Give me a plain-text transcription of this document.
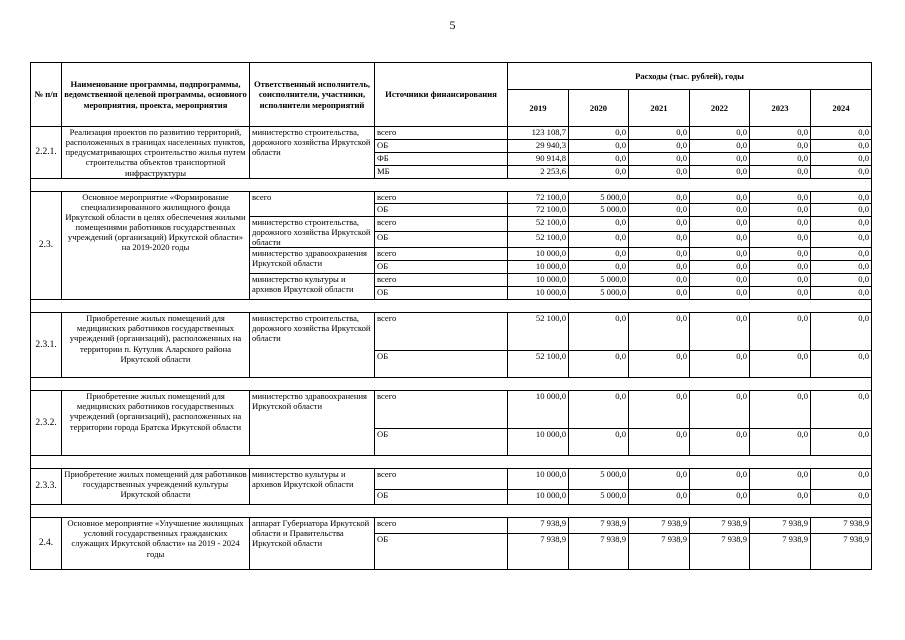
5
№ п/п	Наименование программы, подпрограммы, ведомственной целевой программы, основного мероприятия, проекта, мероприятия	Ответственный исполнитель, соисполнители, участники, исполнители мероприятий	Источники финансирования	Расходы (тыс. рублей), годы					
				2019	2020	2021	2022	2023	2024
2.2.1.	Реализация проектов по развитию территорий, расположенных в границах населенных пунктов, предусматривающих строительство жилья путем строительства объектов транспортной инфраструктуры	министерство строительства, дорожного хозяйства Иркутской области	всего	123 108,7	0,0	0,0	0,0	0,0	0,0
			ОБ	29 940,3	0,0	0,0	0,0	0,0	0,0
			ФБ	90 914,8	0,0	0,0	0,0	0,0	0,0
			МБ	2 253,6	0,0	0,0	0,0	0,0	0,0

2.3.	Основное мероприятие «Формирование специализированного жилищного фонда Иркутской области в целях обеспечения жилыми помещениями работников государственных учреждений (организаций) Иркутской области» на 2019-2020 годы	всего	всего	72 100,0	5 000,0	0,0	0,0	0,0	0,0
			ОБ	72 100,0	5 000,0	0,0	0,0	0,0	0,0
		министерство строительства, дорожного хозяйства Иркутской области	всего	52 100,0	0,0	0,0	0,0	0,0	0,0
			ОБ	52 100,0	0,0	0,0	0,0	0,0	0,0
		министерство здравоохранения Иркутской области	всего	10 000,0	0,0	0,0	0,0	0,0	0,0
			ОБ	10 000,0	0,0	0,0	0,0	0,0	0,0
		министерство культуры и архивов Иркутской области	всего	10 000,0	5 000,0	0,0	0,0	0,0	0,0
			ОБ	10 000,0	5 000,0	0,0	0,0	0,0	0,0

2.3.1.	Приобретение жилых помещений для медицинских работников государственных учреждений (организаций), расположенных на территории п. Кутулик Аларского района Иркутской области	министерство строительства, дорожного хозяйства Иркутской области	всего	52 100,0	0,0	0,0	0,0	0,0	0,0
			ОБ	52 100,0	0,0	0,0	0,0	0,0	0,0

2.3.2.	Приобретение жилых помещений для медицинских работников государственных учреждений (организаций), расположенных на территории города Братска Иркутской области	министерство здравоохранения Иркутской области	всего	10 000,0	0,0	0,0	0,0	0,0	0,0
			ОБ	10 000,0	0,0	0,0	0,0	0,0	0,0

2.3.3.	Приобретение жилых помещений для работников государственных учреждений культуры Иркутской области	министерство культуры и архивов Иркутской области	всего	10 000,0	5 000,0	0,0	0,0	0,0	0,0
			ОБ	10 000,0	5 000,0	0,0	0,0	0,0	0,0

2.4.	Основное мероприятие «Улучшение жилищных условий государственных гражданских служащих Иркутской области» на 2019 - 2024 годы	аппарат Губернатора Иркутской области и Правительства Иркутской области	всего	7 938,9	7 938,9	7 938,9	7 938,9	7 938,9	7 938,9
			ОБ	7 938,9	7 938,9	7 938,9	7 938,9	7 938,9	7 938,9
